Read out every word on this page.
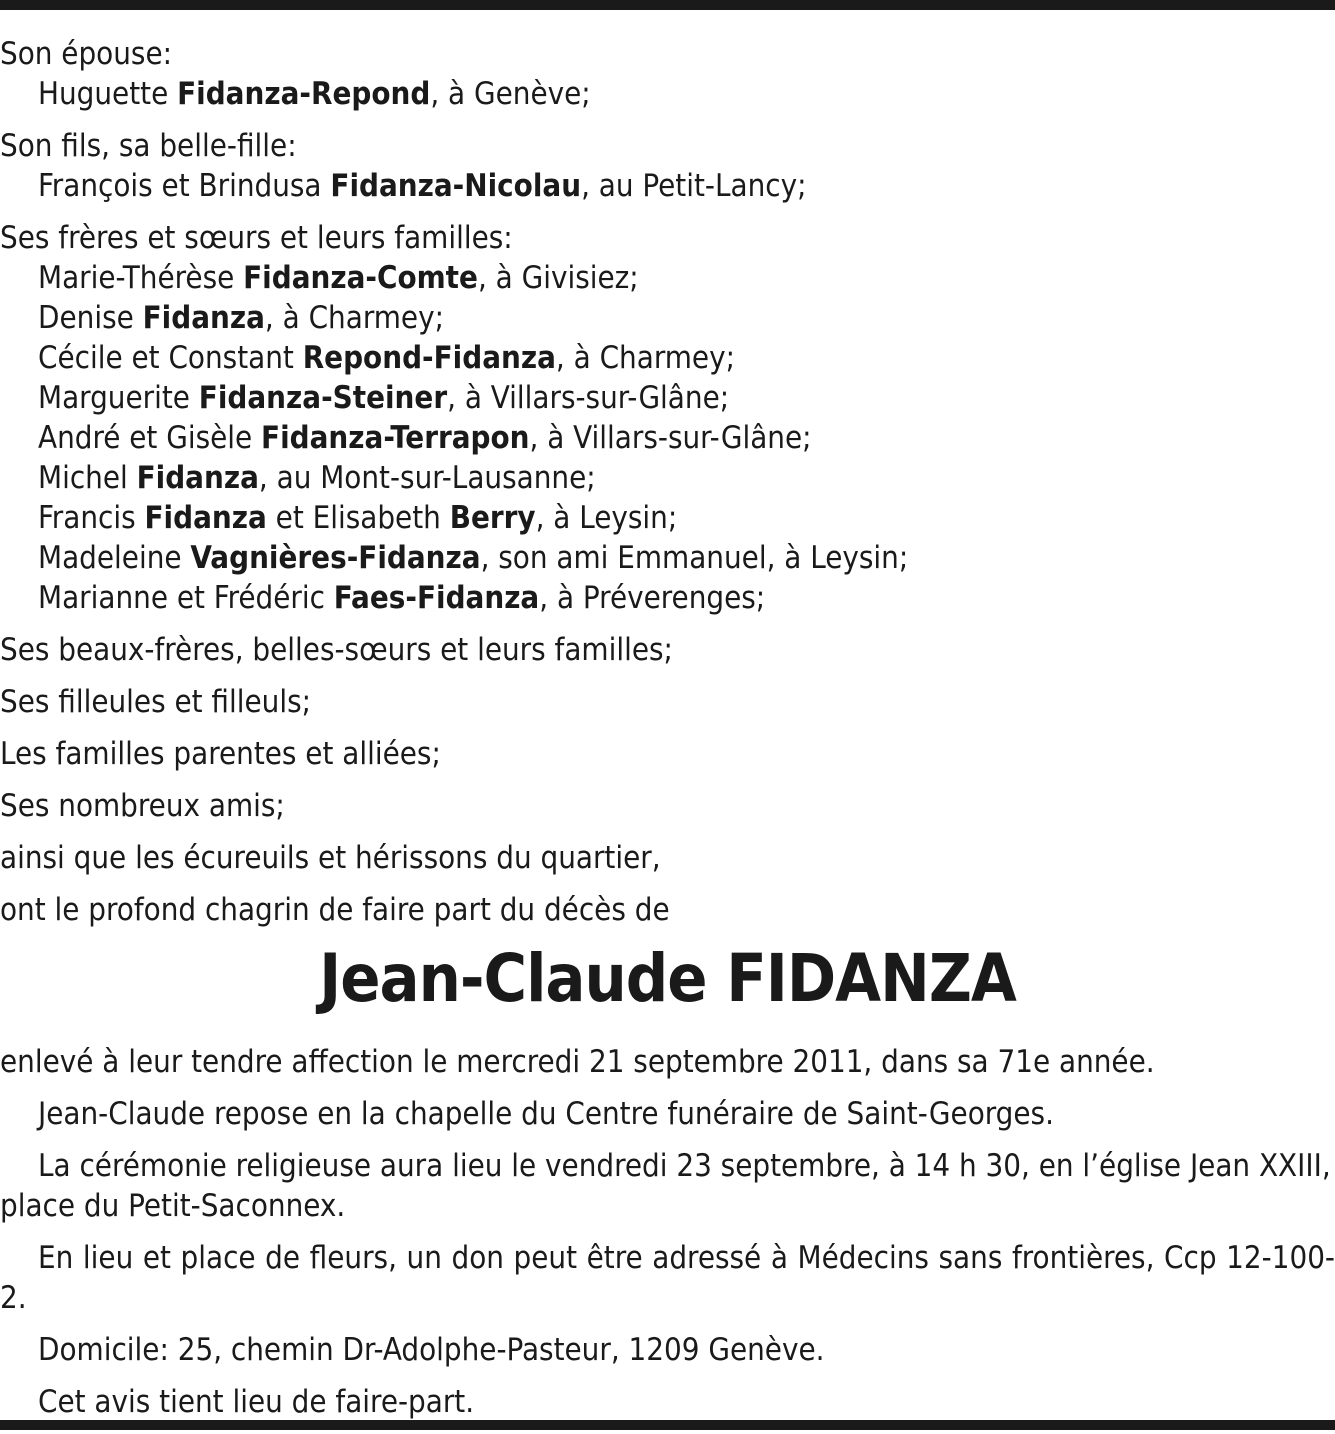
Son épouse:
Huguette Fidanza-Repond, à Genève;
Son fils, sa belle-fille:
François et Brindusa Fidanza-Nicolau, au Petit-Lancy;
Ses frères et sœurs et leurs familles:
Marie-Thérèse Fidanza-Comte, à Givisiez;
Denise Fidanza, à Charmey;
Cécile et Constant Repond-Fidanza, à Charmey;
Marguerite Fidanza-Steiner, à Villars-sur-Glâne;
André et Gisèle Fidanza-Terrapon, à Villars-sur-Glâne;
Michel Fidanza, au Mont-sur-Lausanne;
Francis Fidanza et Elisabeth Berry, à Leysin;
Madeleine Vagnières-Fidanza, son ami Emmanuel, à Leysin;
Marianne et Frédéric Faes-Fidanza, à Préverenges;
Ses beaux-frères, belles-sœurs et leurs familles;
Ses filleules et filleuls;
Les familles parentes et alliées;
Ses nombreux amis;
ainsi que les écureuils et hérissons du quartier,
ont le profond chagrin de faire part du décès de
Jean-Claude FIDANZA
enlevé à leur tendre affection le mercredi 21 septembre 2011, dans sa 71e année.
Jean-Claude repose en la chapelle du Centre funéraire de Saint-Georges.
La cérémonie religieuse aura lieu le vendredi 23 septembre, à 14 h 30, en l’église Jean XXIII, place du Petit-Saconnex.
En lieu et place de fleurs, un don peut être adressé à Médecins sans frontières, Ccp 12-100-2.
Domicile: 25, chemin Dr-Adolphe-Pasteur, 1209 Genève.
Cet avis tient lieu de faire-part.
